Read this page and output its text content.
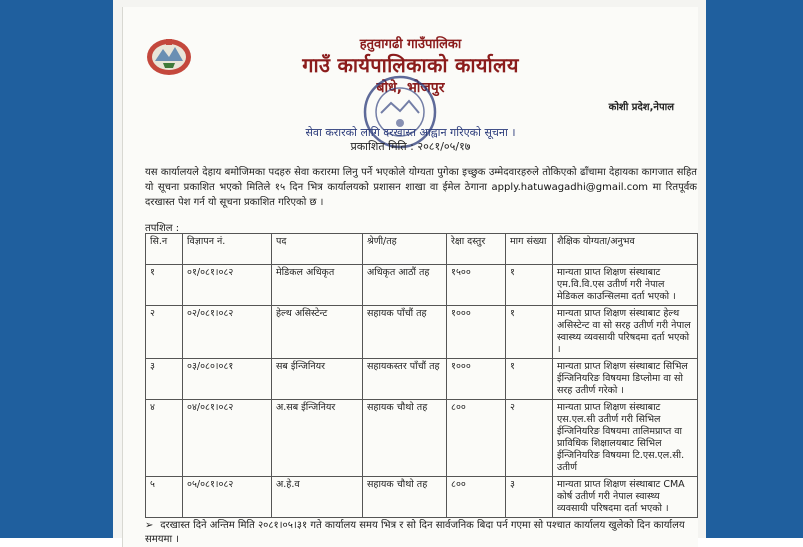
हतुवागढी गाउँपालिका
गाउँ कार्यपालिकाको कार्यालय
बोधे, भोजपुर
कोशी प्रदेश,नेपाल
सेवा करारको लागि दरखास्त आह्वान गरिएको सूचना ।
प्रकाशित मिति : २०८१/०५/१७
यस कार्यालयले देहाय बमोजिमका पदहरु सेवा करारमा लिनु पर्ने भएकोले योग्यता पुगेका इच्छुक उम्मेदवारहरुले तोकिएको ढाँचामा देहायका कागजात सहित यो सूचना प्रकाशित भएको मितिले १५ दिन भित्र कार्यालयको प्रशासन शाखा वा ईमेल ठेगाना apply.hatuwagadhi@gmail.com मा रितपूर्वक दरखास्त पेश गर्न यो सूचना प्रकाशित गरिएको छ ।
तपशिल :
सि.न	विज्ञापन नं.	पद	श्रेणी/तह	रेक्षा दस्तुर	माग संख्या	शैक्षिक योग्यता/अनुभव
१	०१/०८१।०८२	मेडिकल अधिकृत	अधिकृत आठौं तह	१५००	१	मान्यता प्राप्त शिक्षण संस्थाबाट एम.वि.वि.एस उतीर्ण गरी नेपाल मेडिकल काउन्सिलमा दर्ता भएको ।
२	०२/०८१।०८२	हेल्थ असिस्टेन्ट	सहायक पाँचौं तह	१०००	१	मान्यता प्राप्त शिक्षण संस्थाबाट हेल्थ असिस्टेन्ट वा सो सरह उतीर्ण गरी नेपाल स्वास्थ्य व्यवसायी परिषदमा दर्ता भएको ।
३	०३/०८०।०८१	सब ईन्जिनियर	सहायकस्तर पाँचौं तह	१०००	१	मान्यता प्राप्त शिक्षण संस्थाबाट सिभिल ईन्जिनियरिङ विषयमा डिप्लोमा वा सो सरह उतीर्ण गरेको ।
४	०४/०८१।०८२	अ.सब ईन्जिनियर	सहायक चौथो तह	८००	२	मान्यता प्राप्त शिक्षण संस्थाबाट एस.एल.सी उतीर्ण गरी सिभिल ईन्जिनियरिङ विषयमा तालिमप्राप्त वा प्राविधिक शिक्षालयबाट सिभिल ईन्जिनियरिङ विषयमा टि.एस.एल.सी. उतीर्ण
५	०५/०८१।०८२	अ.हे.व	सहायक चौथो तह	८००	३	मान्यता प्राप्त शिक्षण संस्थाबाट CMA कोर्ष उतीर्ण गरी नेपाल स्वास्थ्य व्यवसायी परिषदमा दर्ता भएको ।
➢ दरखास्त दिने अन्तिम मिति २०८१।०५।३१ गते कार्यालय समय भित्र र सो दिन सार्वजनिक बिदा पर्न गएमा सो पश्चात कार्यालय खुलेको दिन कार्यालय समयमा ।
